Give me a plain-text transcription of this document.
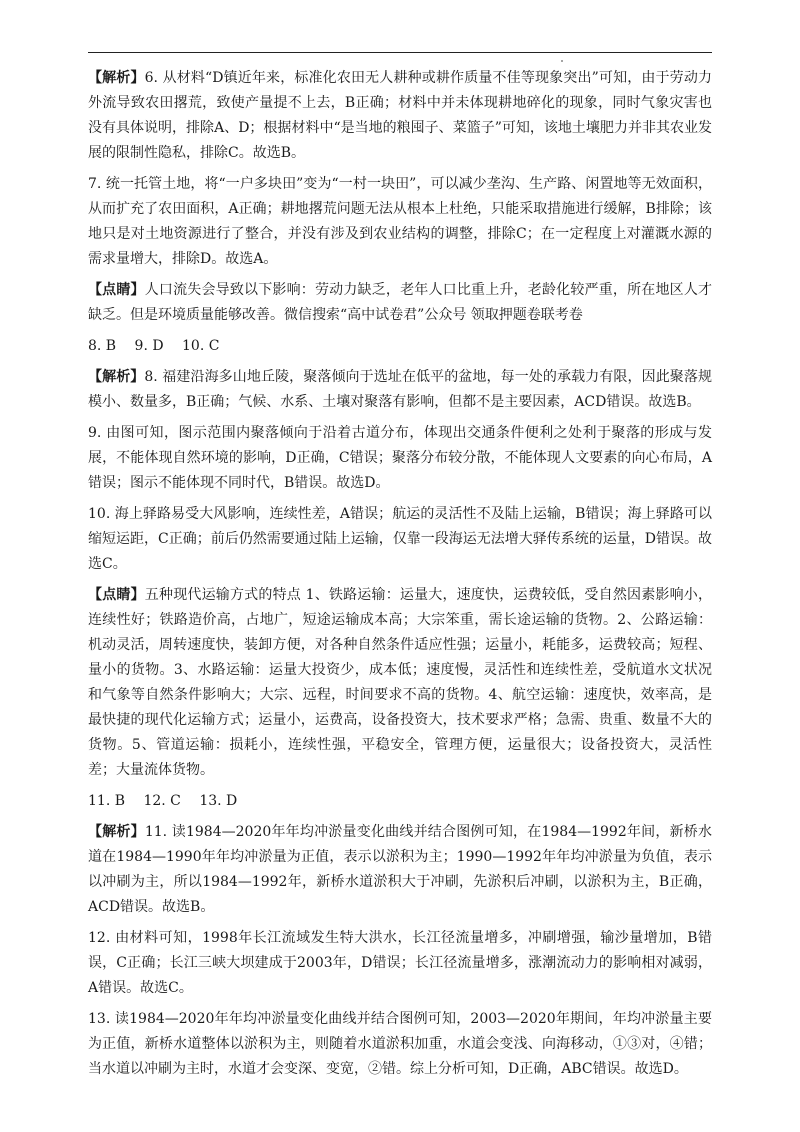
【解析】6. 从材料“D镇近年来，标准化农田无人耕种或耕作质量不佳等现象突出”可知，由于劳动力外流导致农田撂荒，致使产量提不上去，B正确；材料中并未体现耕地碎化的现象，同时气象灾害也没有具体说明，排除A、D；根据材料中“是当地的粮囤子、菜篮子”可知，该地土壤肥力并非其农业发展的限制性隐私，排除C。故选B。

7. 统一托管土地，将“一户多块田”变为“一村一块田”，可以减少垄沟、生产路、闲置地等无效面积，从而扩充了农田面积，A正确；耕地撂荒问题无法从根本上杜绝，只能采取措施进行缓解，B排除；该地只是对土地资源进行了整合，并没有涉及到农业结构的调整，排除C；在一定程度上对灌溉水源的需求量增大，排除D。故选A。

【点睛】人口流失会导致以下影响：劳动力缺乏，老年人口比重上升，老龄化较严重，所在地区人才缺乏。但是环境质量能够改善。微信搜索“高中试卷君”公众号 领取押题卷联考卷

8. B　 9. D　 10. C

【解析】8. 福建沿海多山地丘陵，聚落倾向于选址在低平的盆地，每一处的承载力有限，因此聚落规模小、数量多，B正确；气候、水系、土壤对聚落有影响，但都不是主要因素，ACD错误。故选B。

9. 由图可知，图示范围内聚落倾向于沿着古道分布，体现出交通条件便利之处利于聚落的形成与发展，不能体现自然环境的影响，D正确，C错误；聚落分布较分散，不能体现人文要素的向心布局，A错误；图示不能体现不同时代，B错误。故选D。

10. 海上驿路易受大风影响，连续性差，A错误；航运的灵活性不及陆上运输，B错误；海上驿路可以缩短运距，C正确；前后仍然需要通过陆上运输，仅靠一段海运无法增大驿传系统的运量，D错误。故选C。

【点睛】五种现代运输方式的特点 1、铁路运输：运量大，速度快，运费较低，受自然因素影响小，连续性好；铁路造价高，占地广，短途运输成本高；大宗笨重，需长途运输的货物。2、公路运输：机动灵活，周转速度快，装卸方便，对各种自然条件适应性强；运量小，耗能多，运费较高；短程、量小的货物。3、水路运输：运量大投资少，成本低；速度慢，灵活性和连续性差，受航道水文状况和气象等自然条件影响大；大宗、远程，时间要求不高的货物。4、航空运输：速度快，效率高，是最快捷的现代化运输方式；运量小，运费高，设备投资大，技术要求严格；急需、贵重、数量不大的货物。5、管道运输：损耗小，连续性强，平稳安全，管理方便，运量很大；设备投资大，灵活性差；大量流体货物。

11. B　 12. C　 13. D

【解析】11. 读1984—2020年年均冲淤量变化曲线并结合图例可知，在1984—1992年间，新桥水道在1984—1990年年均冲淤量为正值，表示以淤积为主；1990—1992年年均冲淤量为负值，表示以冲刷为主，所以1984—1992年，新桥水道淤积大于冲刷，先淤积后冲刷，以淤积为主，B正确，ACD错误。故选B。

12. 由材料可知，1998年长江流域发生特大洪水，长江径流量增多，冲刷增强，输沙量增加，B错误，C正确；长江三峡大坝建成于2003年，D错误；长江径流量增多，涨潮流动力的影响相对减弱，A错误。故选C。

13. 读1984—2020年年均冲淤量变化曲线并结合图例可知，2003—2020年期间，年均冲淤量主要为正值，新桥水道整体以淤积为主，则随着水道淤积加重，水道会变浅、向海移动，①③对，④错；当水道以冲刷为主时，水道才会变深、变宽，②错。综上分析可知，D正确，ABC错误。故选D。
